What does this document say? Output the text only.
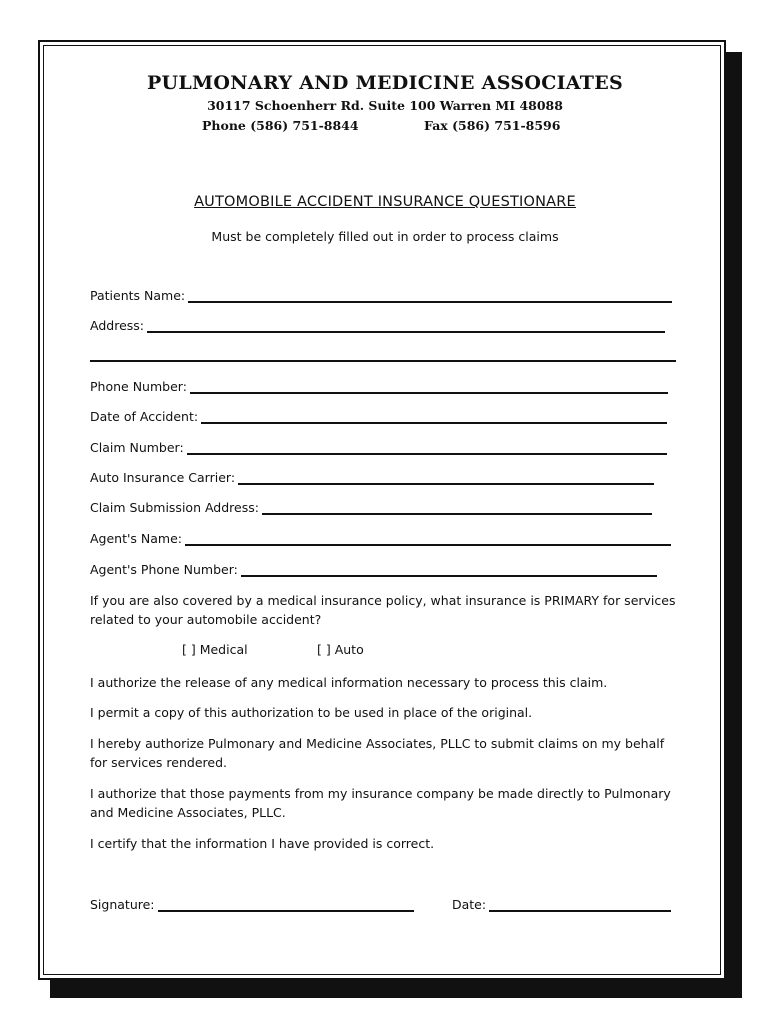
PULMONARY AND MEDICINE ASSOCIATES
30117 Schoenherr Rd. Suite 100 Warren MI 48088
Phone (586) 751-8844	Fax (586) 751-8596
AUTOMOBILE ACCIDENT INSURANCE QUESTIONARE
Must be completely filled out in order to process claims
Patients Name:
Address:
Phone Number:
Date of Accident:
Claim Number:
Auto Insurance Carrier:
Claim Submission Address:
Agent's Name:
Agent's Phone Number:
If you are also covered by a medical insurance policy, what insurance is PRIMARY for services related to your automobile accident?
[ ] Medical	[ ] Auto
I authorize the release of any medical information necessary to process this claim.
I permit a copy of this authorization to be used in place of the original.
I hereby authorize Pulmonary and Medicine Associates, PLLC to submit claims on my behalf for services rendered.
I authorize that those payments from my insurance company be made directly to Pulmonary and Medicine Associates, PLLC.
I certify that the information I have provided is correct.
Signature:	Date:
